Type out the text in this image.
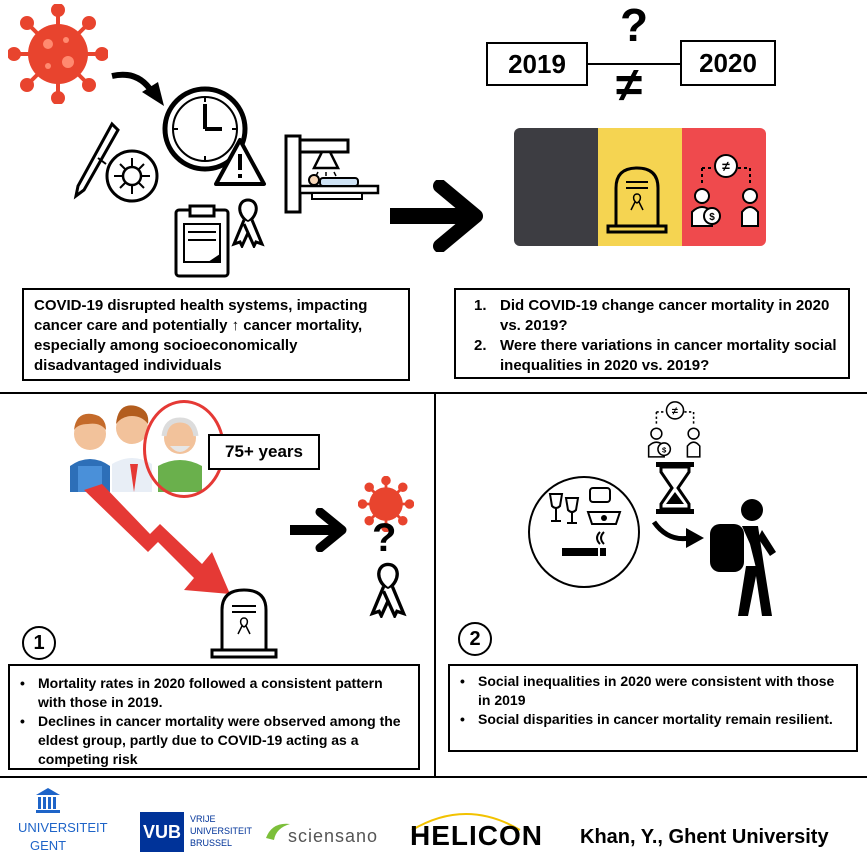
2019	2020
?
≠
≠
$
COVID-19 disrupted health systems, impacting cancer care and potentially ↑ cancer mortality, especially among socioeconomically disadvantaged individuals
1. Did COVID-19 change cancer mortality in 2020 vs. 2019?
2. Were there variations in cancer mortality social inequalities in 2020 vs. 2019?
75+ years
?
1
• Mortality rates in 2020 followed a consistent pattern with those in 2019.
• Declines in cancer mortality were observed among the eldest group, partly due to COVID-19 acting as a competing risk
≠
$
2
• Social inequalities in 2020 were consistent with those in 2019
• Social disparities in cancer mortality remain resilient.
UNIVERSITEIT
GENT
VUB
VRIJE
UNIVERSITEIT
BRUSSEL	sciensano HELICON Khan, Y., Ghent University
